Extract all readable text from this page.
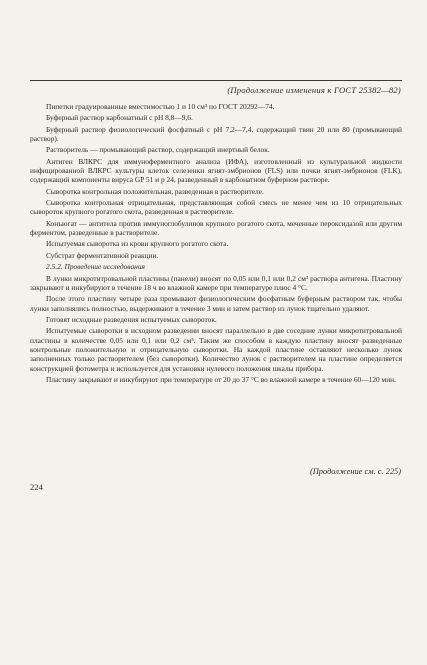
(Продолжение изменения к ГОСТ 25382—82)

Пипетки градуированные вместимостью 1 и 10 см³ по ГОСТ 20292—74.

Буферный раствор карбонатный с pH 8,8—9,6.

Буферный раствор физиологический фосфатный с pH 7,2—7,4, содержащий твин 20 или 80 (промывающий раствор).

Растворитель — промывающий раствор, содержащий инертный белок.

Антиген ВЛКРС для иммуноферментного анализа (ИФА), изготовленный из культуральной жидкости инфицированной ВЛКРС культуры клеток селезенки ягнят-эмбрионов (FLS) или почки ягнят-эмбрионов (FLK), содержащий компоненты вируса GP 51 и p 24, разведенный в карбонатном буферном растворе.

Сыворотка контрольная положительная, разведенная в растворителе.

Сыворотка контрольная отрицательная, представляющая собой смесь не менее чем из 10 отрицательных сывороток крупного рогатого скота, разведенная в растворителе.

Конъюгат — антитела против иммуноглобулинов крупного рогатого скота, меченные пероксидазой или другим ферментом, разведенные в растворителе.

Испытуемая сыворотка из крови крупного рогатого скота.

Субстрат ферментативной реакции.

2.5.2. Проведение исследования

В лунки микротитровальной пластины (панели) вносят по 0,05 или 0,1 или 0,2 см³ раствора антигена. Пластину закрывают и инкубируют в течение 18 ч во влажной камере при температуре плюс 4 °С.

После этого пластину четыре раза промывают физиологическим фосфатным буферным раствором так, чтобы лунки заполнялись полностью, выдерживают в течение 3 мин и затем раствор из лунок тщательно удаляют.

Готовят исходные разведения испытуемых сывороток.

Испытуемые сыворотки в исходном разведении вносят параллельно в две соседние лунки микротитровальной пластины в количестве 0,05 или 0,1 или 0,2 см³. Таким же способом в каждую пластину вносят разведенные контрольные положительную и отрицательную сыворотки. На каждой пластине оставляют несколько лунок заполненных только растворителем (без сыворотки). Количество лунок с растворителем на пластине определяется конструкцией фотометра и используется для установки нулевого положения шкалы прибора.

Пластину закрывают и инкубируют при температуре от 20 до 37 °С во влажной камере в течение 60—120 мин.

(Продолжение см. с. 225)
224
